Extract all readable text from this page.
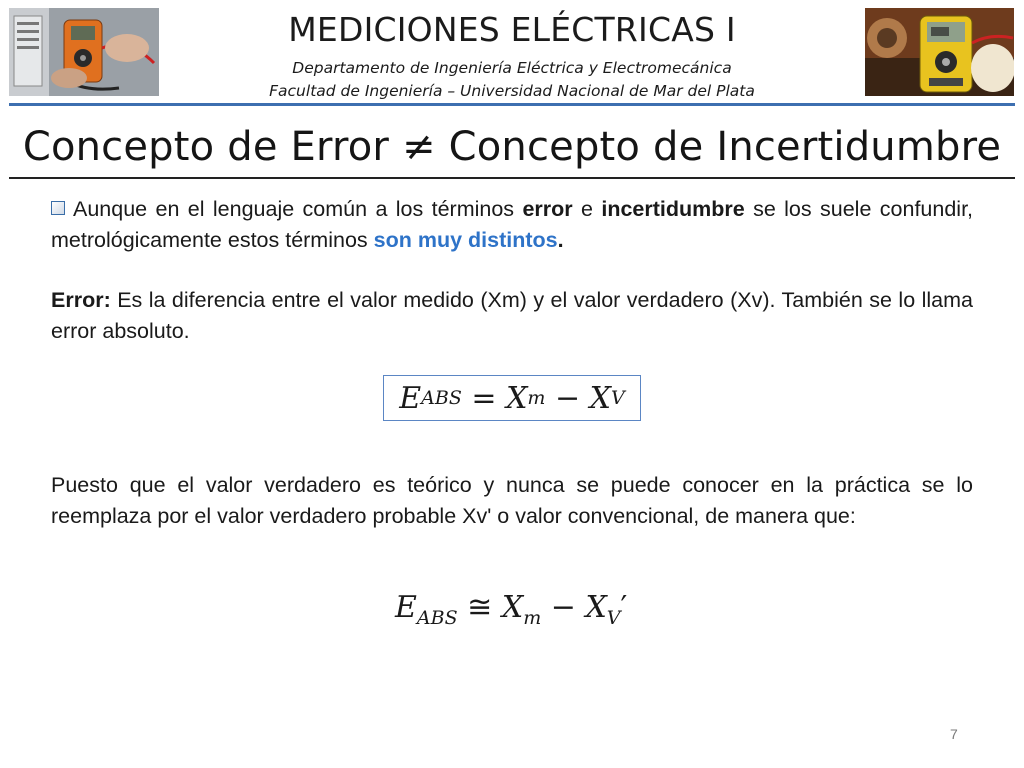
MEDICIONES ELÉCTRICAS I
Departamento de Ingeniería Eléctrica y Electromecánica
Facultad de Ingeniería – Universidad Nacional de Mar del Plata
Concepto de Error ≠ Concepto de Incertidumbre
Aunque en el lenguaje común a los términos error e incertidumbre se los suele confundir, metrológicamente estos términos son muy distintos.
Error: Es la diferencia entre el valor medido (Xm) y el valor verdadero (Xv). También se lo llama error absoluto.
E ABS = X m − X V
Puesto que el valor verdadero es teórico y nunca se puede conocer en la práctica se lo reemplaza por el valor verdadero probable Xv' o valor convencional, de manera que:
$E_{ABS}$ ≅ $X_m - X_V'$
7
